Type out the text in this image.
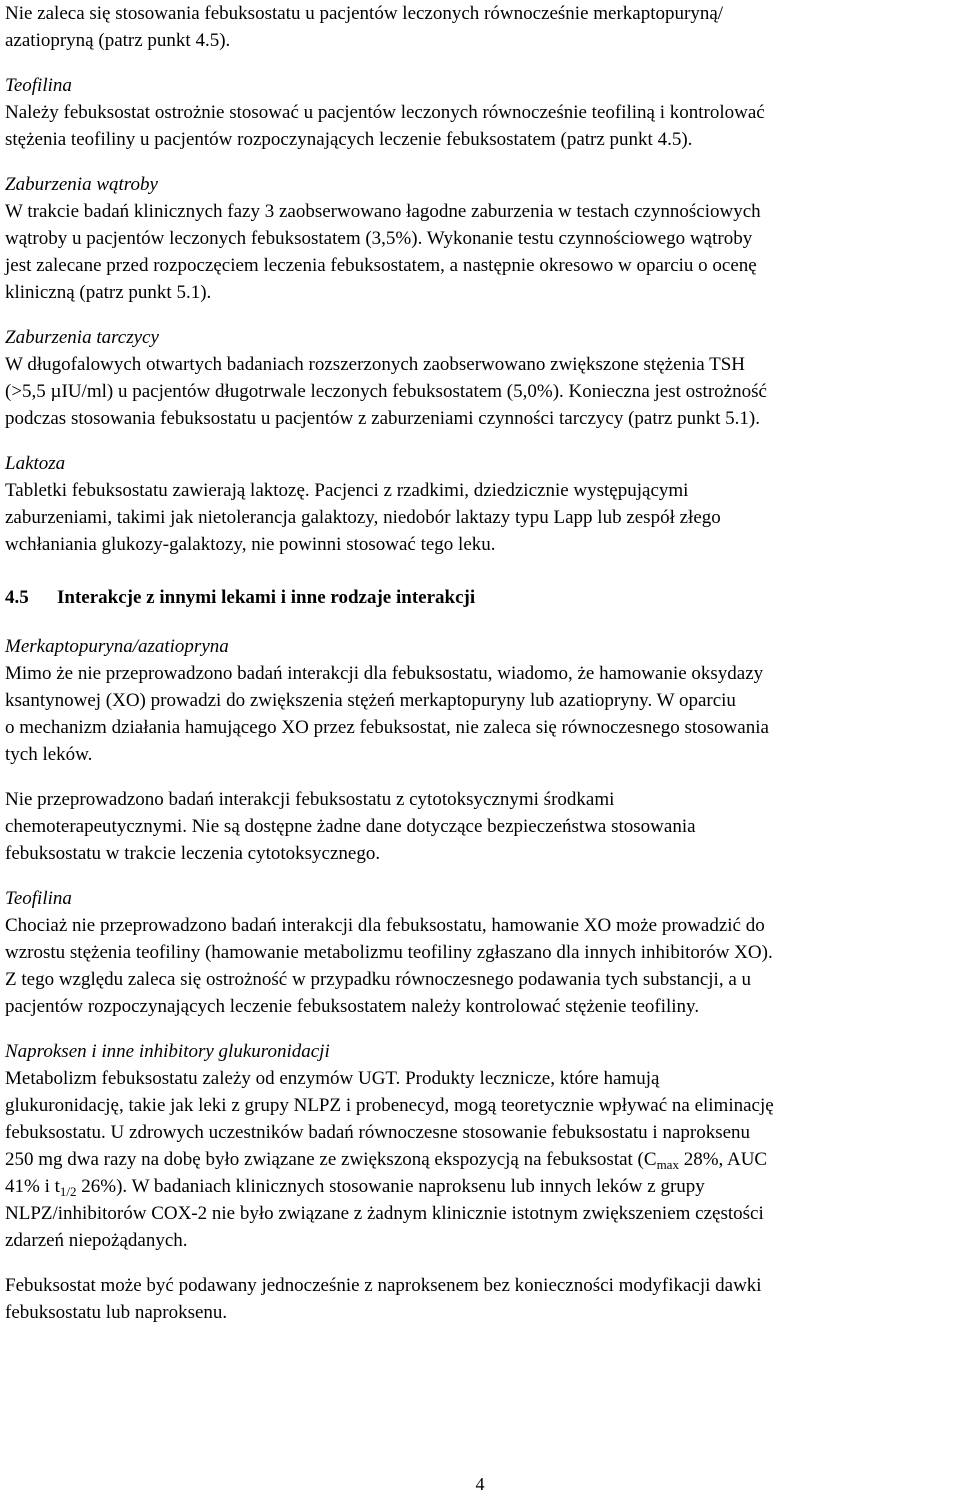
Nie zaleca się stosowania febuksostatu u pacjentów leczonych równocześnie merkaptopuryną/
azatiopryną (patrz punkt 4.5).

Teofilina
Należy febuksostat ostrożnie stosować u pacjentów leczonych równocześnie teofiliną i kontrolować
stężenia teofiliny u pacjentów rozpoczynających leczenie febuksostatem (patrz punkt 4.5).
Zaburzenia wątroby
W trakcie badań klinicznych fazy 3 zaobserwowano łagodne zaburzenia w testach czynnościowych
wątroby u pacjentów leczonych febuksostatem (3,5%). Wykonanie testu czynnościowego wątroby
jest zalecane przed rozpoczęciem leczenia febuksostatem, a następnie okresowo w oparciu o ocenę
kliniczną (patrz punkt 5.1).
Zaburzenia tarczycy
W długofalowych otwartych badaniach rozszerzonych zaobserwowano zwiększone stężenia TSH
(>5,5 µIU/ml) u pacjentów długotrwale leczonych febuksostatem (5,0%). Konieczna jest ostrożność
podczas stosowania febuksostatu u pacjentów z zaburzeniami czynności tarczycy (patrz punkt 5.1).
Laktoza
Tabletki febuksostatu zawierają laktozę. Pacjenci z rzadkimi, dziedzicznie występującymi
zaburzeniami, takimi jak nietolerancja galaktozy, niedobór laktazy typu Lapp lub zespół złego
wchłaniania glukozy-galaktozy, nie powinni stosować tego leku.
4.5 Interakcje z innymi lekami i inne rodzaje interakcji
Merkaptopuryna/azatiopryna
Mimo że nie przeprowadzono badań interakcji dla febuksostatu, wiadomo, że hamowanie oksydazy
ksantynowej (XO) prowadzi do zwiększenia stężeń merkaptopuryny lub azatiopryny. W oparciu
o mechanizm działania hamującego XO przez febuksostat, nie zaleca się równoczesnego stosowania
tych leków.

Nie przeprowadzono badań interakcji febuksostatu z cytotoksycznymi środkami
chemoterapeutycznymi. Nie są dostępne żadne dane dotyczące bezpieczeństwa stosowania
febuksostatu w trakcie leczenia cytotoksycznego.

Teofilina
Chociaż nie przeprowadzono badań interakcji dla febuksostatu, hamowanie XO może prowadzić do
wzrostu stężenia teofiliny (hamowanie metabolizmu teofiliny zgłaszano dla innych inhibitorów XO).
Z tego względu zaleca się ostrożność w przypadku równoczesnego podawania tych substancji, a u
pacjentów rozpoczynających leczenie febuksostatem należy kontrolować stężenie teofiliny.
Naproksen i inne inhibitory glukuronidacji
Metabolizm febuksostatu zależy od enzymów UGT. Produkty lecznicze, które hamują
glukuronidację, takie jak leki z grupy NLPZ i probenecyd, mogą teoretycznie wpływać na eliminację
febuksostatu. U zdrowych uczestników badań równoczesne stosowanie febuksostatu i naproksenu
250 mg dwa razy na dobę było związane ze zwiększoną ekspozycją na febuksostat ($C_{max}$ 28%, AUC
41% i $t_{1/2}$ 26%). W badaniach klinicznych stosowanie naproksenu lub innych leków z grupy
NLPZ/inhibitorów COX-2 nie było związane z żadnym klinicznie istotnym zwiększeniem częstości
zdarzeń niepożądanych.

Febuksostat może być podawany jednocześnie z naproksenem bez konieczności modyfikacji dawki
febuksostatu lub naproksenu.

4
